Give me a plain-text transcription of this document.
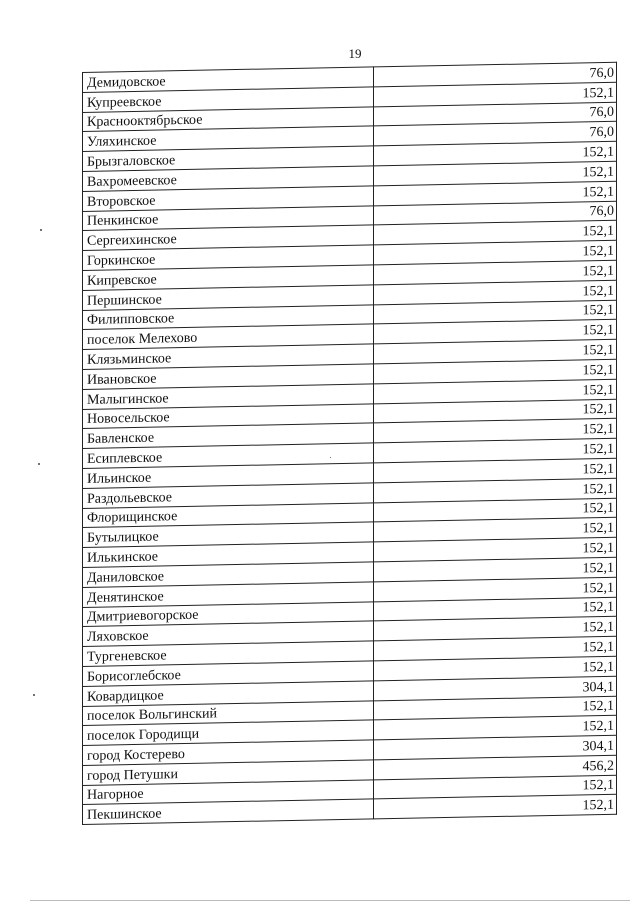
19
Демидовское	76,0
Купреевское	152,1
Красноoктябрьское	76,0
Уляхинское	76,0
Брызгаловское	152,1
Вахромеевское	152,1
Второвское	152,1
Пенкинское	76,0
Сергеихинское	152,1
Горкинское	152,1
Кипревское	152,1
Першинское	152,1
Филипповское	152,1
поселок Мелехово	152,1
Клязьминское	152,1
Ивановское	152,1
Малыгинское	152,1
Новосельское	152,1
Бавленское	152,1
Есиплевское	152,1
Ильинское	152,1
Раздольевское	152,1
Флорищинское	152,1
Бутылицкое	152,1
Илькинское	152,1
Даниловское	152,1
Денятинское	152,1
Дмитриевогорское	152,1
Ляховское	152,1
Тургеневское	152,1
Борисоглебское	152,1
Ковардицкое	304,1
поселок Вольгинский	152,1
поселок Городищи	152,1
город Костерево	304,1
город Петушки	456,2
Нагорное	152,1
Пекшинское	152,1
